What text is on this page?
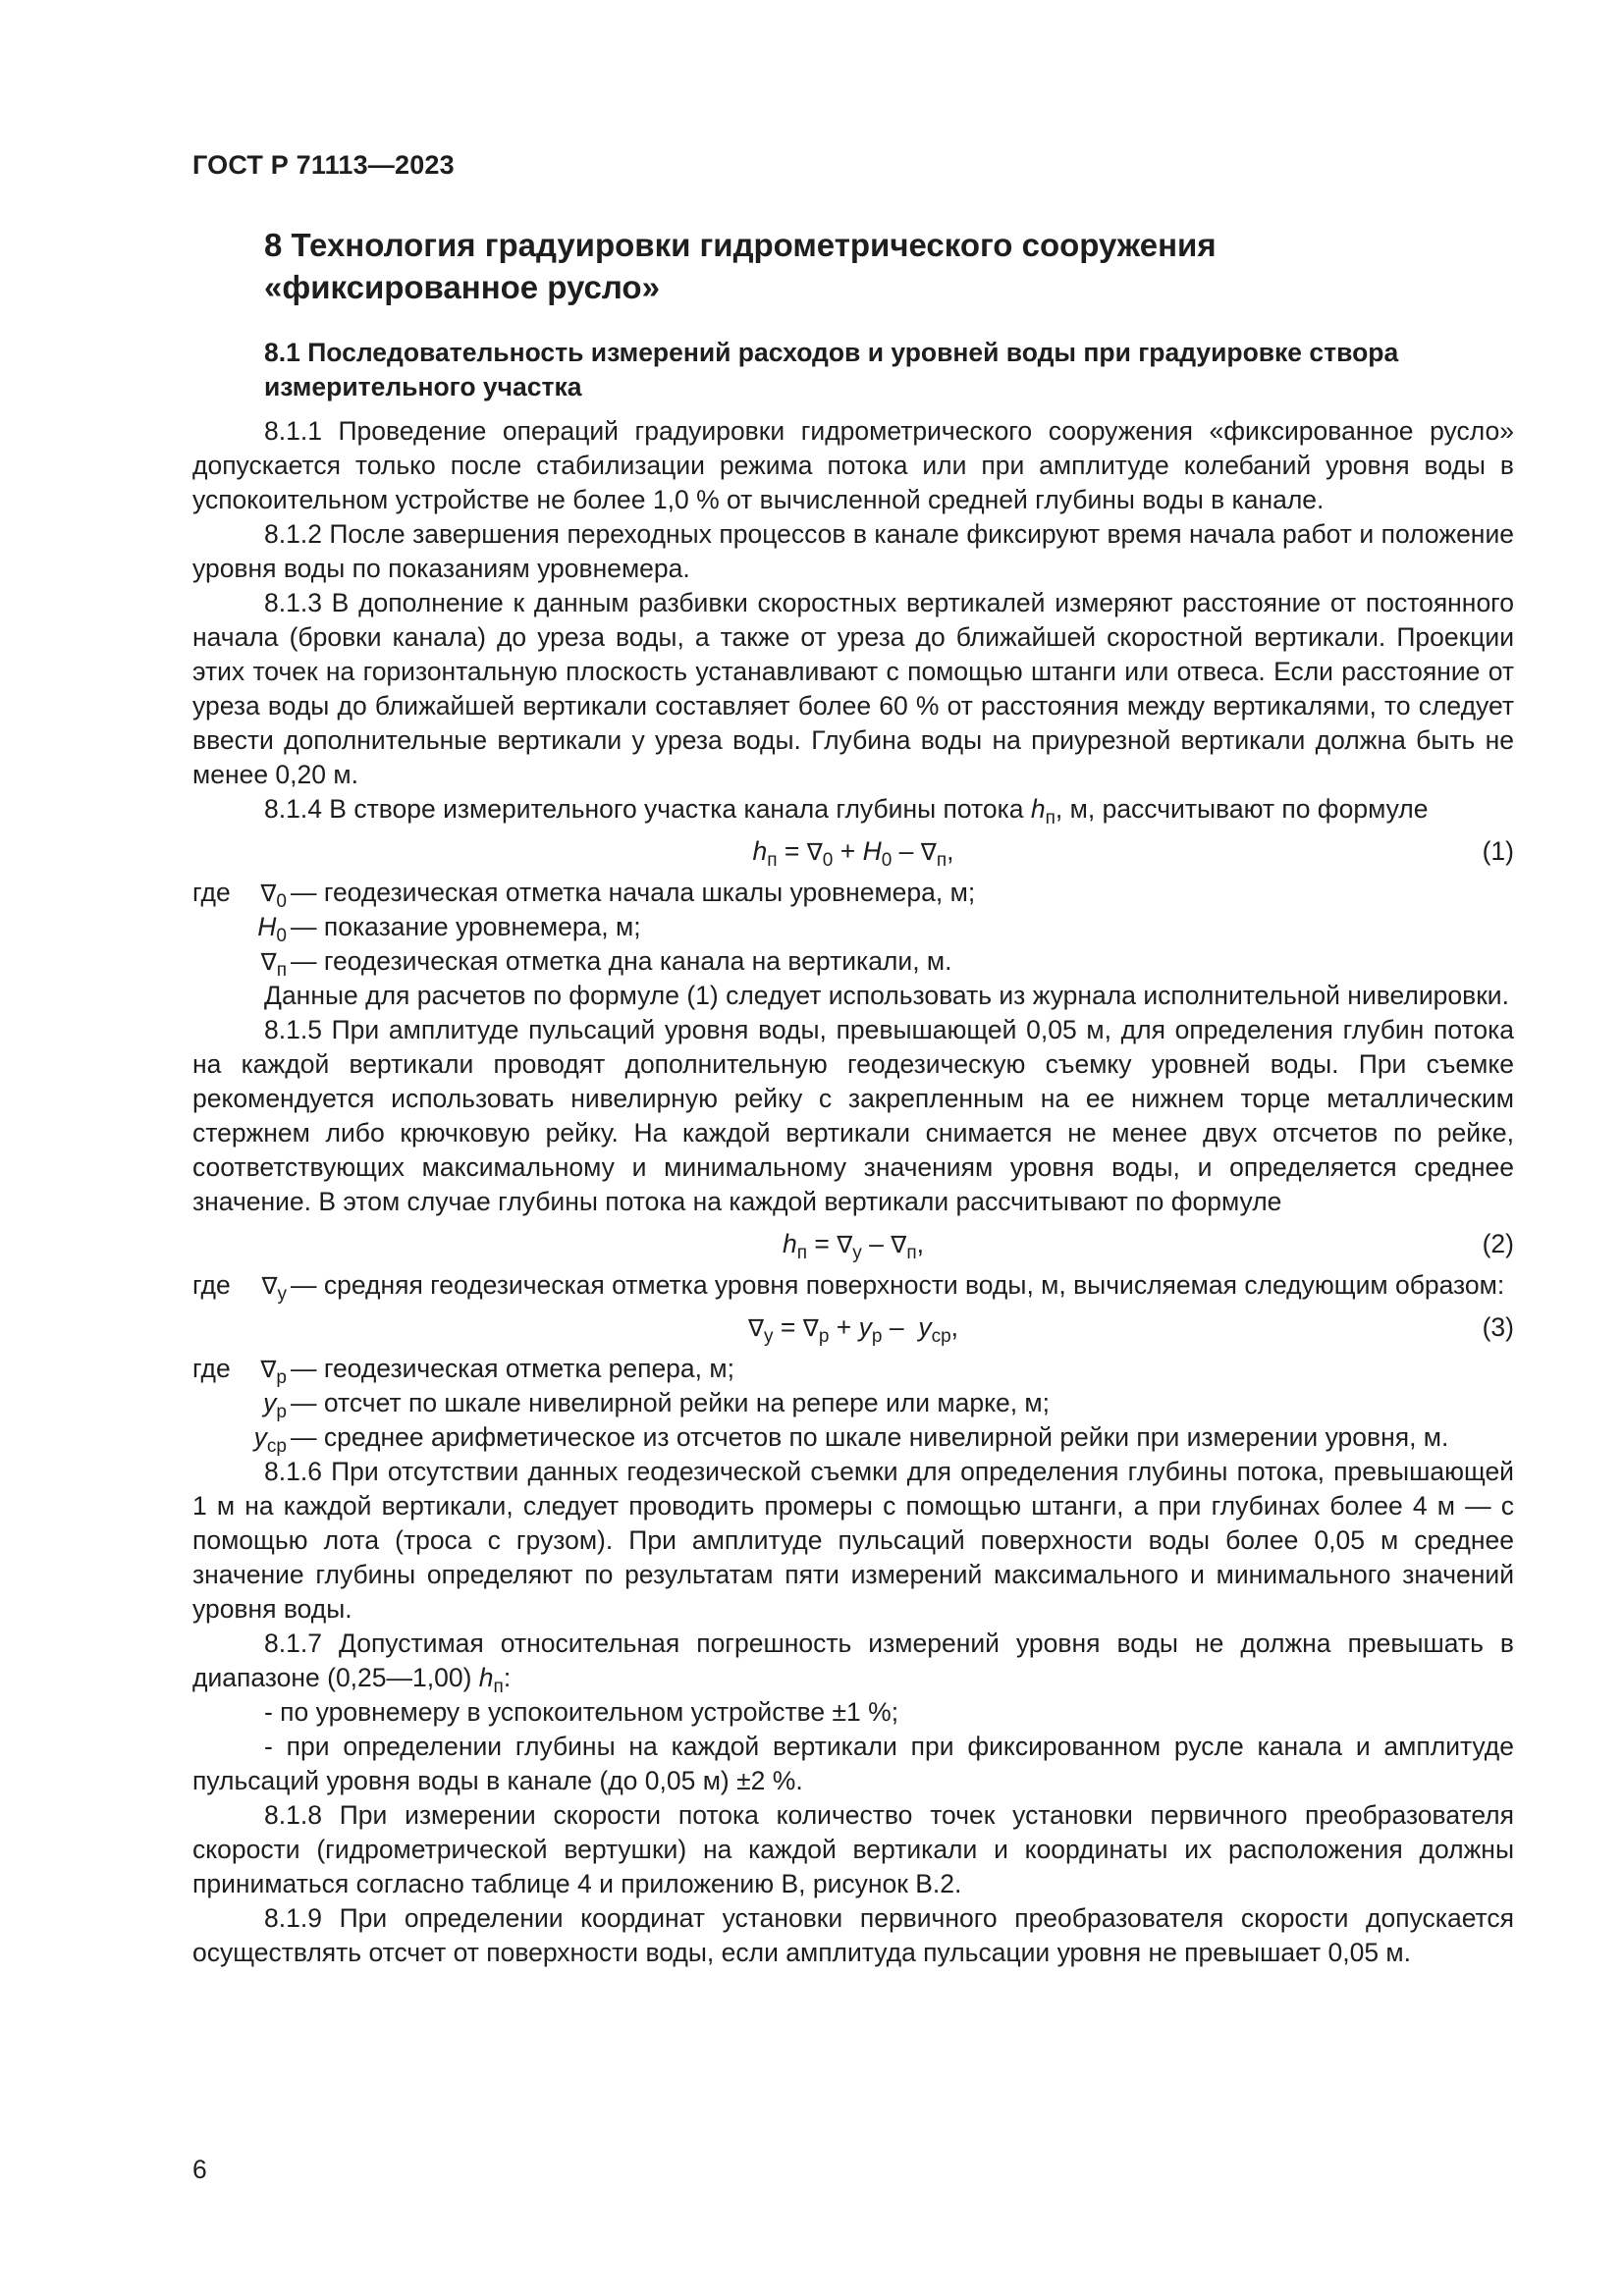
ГОСТ Р 71113—2023
8 Технология градуировки гидрометрического сооружения
«фиксированное русло»
8.1 Последовательность измерений расходов и уровней воды при градуировке створа измерительного участка

8.1.1 Проведение операций градуировки гидрометрического сооружения «фиксированное русло» допускается только после стабилизации режима потока или при амплитуде колебаний уровня воды в успокоительном устройстве не более 1,0 % от вычисленной средней глубины воды в канале.

8.1.2 После завершения переходных процессов в канале фиксируют время начала работ и положение уровня воды по показаниям уровнемера.

8.1.3 В дополнение к данным разбивки скоростных вертикалей измеряют расстояние от постоянного начала (бровки канала) до уреза воды, а также от уреза до ближайшей скоростной вертикали. Проекции этих точек на горизонтальную плоскость устанавливают с помощью штанги или отвеса. Если расстояние от уреза воды до ближайшей вертикали составляет более 60 % от расстояния между вертикалями, то следует ввести дополнительные вертикали у уреза воды. Глубина воды на приурезной вертикали должна быть не менее 0,20 м.

8.1.4 В створе измерительного участка канала глубины потока $h_п$, м, рассчитывают по формуле

$h_п = \nabla_0 + H_0 - \nabla_п$,	(1)
где	$\nabla_0$ — геодезическая отметка начала шкалы уровнемера, м;
$H_0$ — показание уровнемера, м;
$\nabla_п$ — геодезическая отметка дна канала на вертикали, м.

Данные для расчетов по формуле (1) следует использовать из журнала исполнительной нивелировки.

8.1.5 При амплитуде пульсаций уровня воды, превышающей 0,05 м, для определения глубин потока на каждой вертикали проводят дополнительную геодезическую съемку уровней воды. При съемке рекомендуется использовать нивелирную рейку с закрепленным на ее нижнем торце металлическим стержнем либо крючковую рейку. На каждой вертикали снимается не менее двух отсчетов по рейке, соответствующих максимальному и минимальному значениям уровня воды, и определяется среднее значение. В этом случае глубины потока на каждой вертикали рассчитывают по формуле

$h_п = \nabla_у - \nabla_п$,	(2)
где	$\nabla_у$ — средняя геодезическая отметка уровня поверхности воды, м, вычисляемая следующим образом:
$\nabla_у = \nabla_р + y_р - y_{ср}$,	(3)
где	$\nabla_р$ — геодезическая отметка репера, м;
$y_р$ — отсчет по шкале нивелирной рейки на репере или марке, м;
$y_{ср}$ — среднее арифметическое из отсчетов по шкале нивелирной рейки при измерении уровня, м.

8.1.6 При отсутствии данных геодезической съемки для определения глубины потока, превышающей 1 м на каждой вертикали, следует проводить промеры с помощью штанги, а при глубинах более 4 м — с помощью лота (троса с грузом). При амплитуде пульсаций поверхности воды более 0,05 м среднее значение глубины определяют по результатам пяти измерений максимального и минимального значений уровня воды.

8.1.7 Допустимая относительная погрешность измерений уровня воды не должна превышать в диапазоне (0,25—1,00) $h_п$:

- по уровнемеру в успокоительном устройстве ±1 %;

- при определении глубины на каждой вертикали при фиксированном русле канала и амплитуде пульсаций уровня воды в канале (до 0,05 м) ±2 %.

8.1.8 При измерении скорости потока количество точек установки первичного преобразователя скорости (гидрометрической вертушки) на каждой вертикали и координаты их расположения должны приниматься согласно таблице 4 и приложению В, рисунок В.2.

8.1.9 При определении координат установки первичного преобразователя скорости допускается осуществлять отсчет от поверхности воды, если амплитуда пульсации уровня не превышает 0,05 м.

6
